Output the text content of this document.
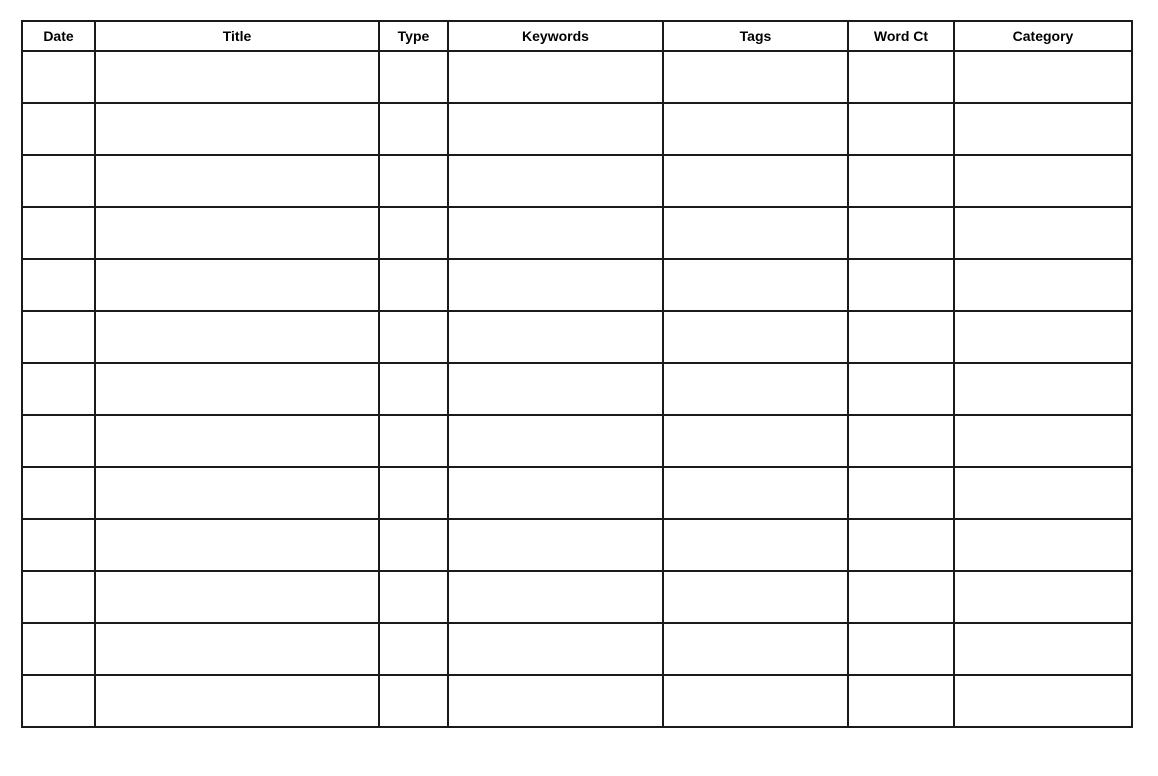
Date	Title	Type	Keywords	Tags	Word Ct	Category
